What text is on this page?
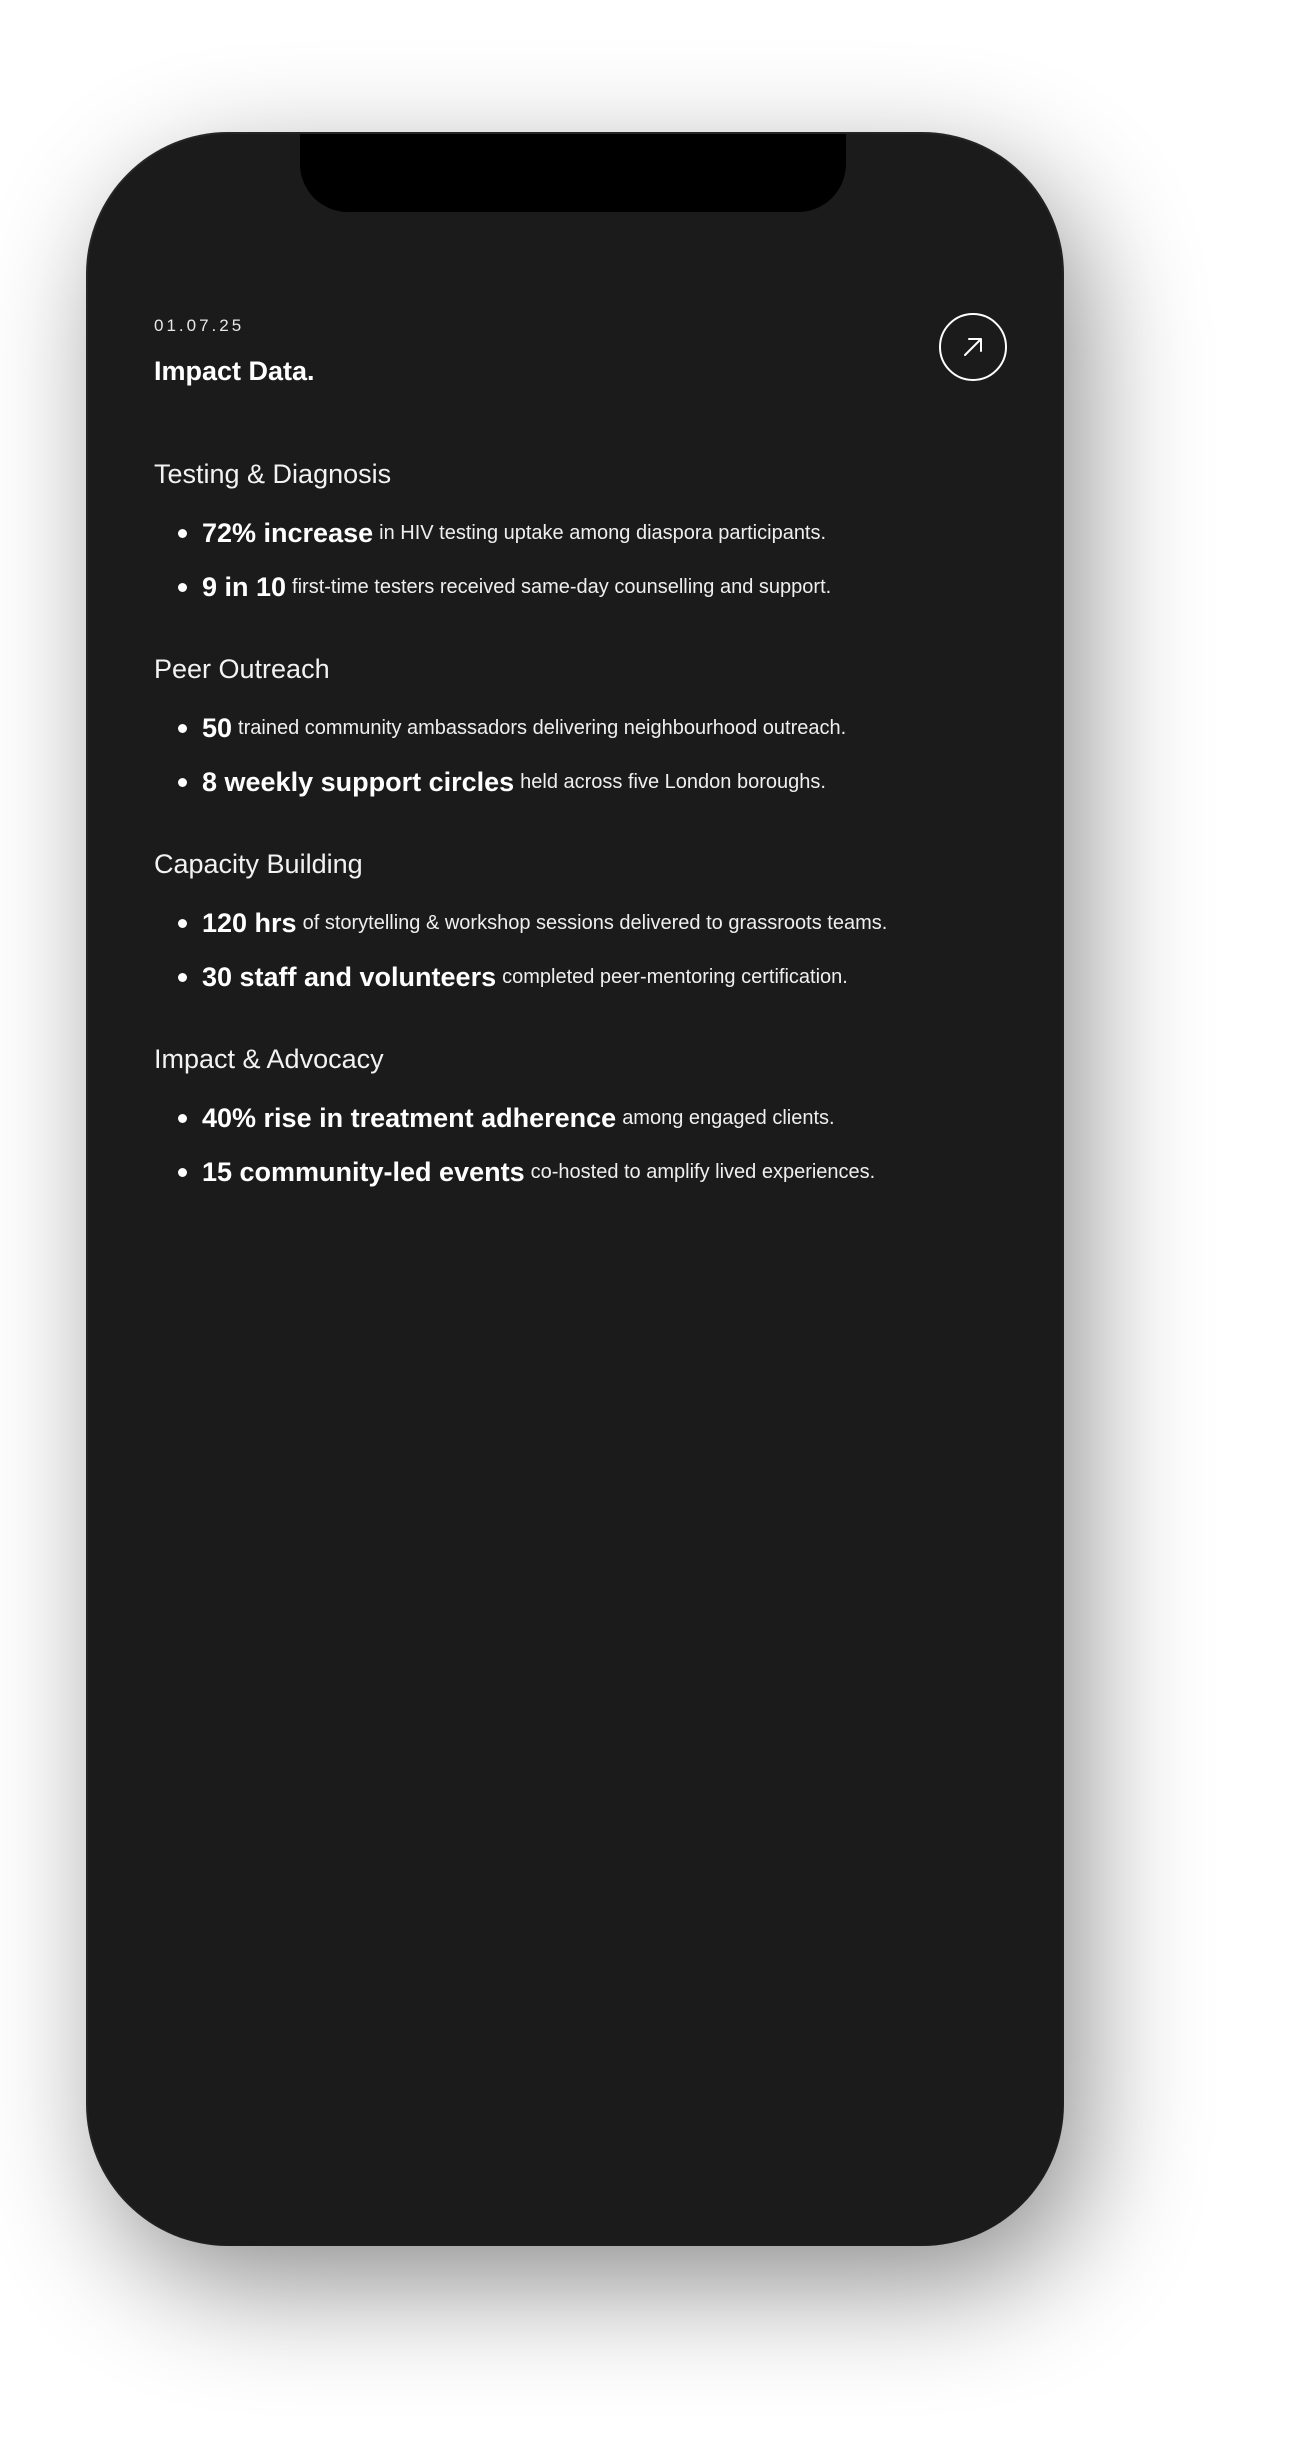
01.07.25

Impact Data.
Testing & Diagnosis
72% increase in HIV testing uptake among diaspora participants.
9 in 10 first-time testers received same-day counselling and support.
Peer Outreach
50 trained community ambassadors delivering neighbourhood outreach.
8 weekly support circles held across five London boroughs.
Capacity Building
120 hrs of storytelling & workshop sessions delivered to grassroots teams.
30 staff and volunteers completed peer-mentoring certification.
Impact & Advocacy
40% rise in treatment adherence among engaged clients.
15 community-led events co-hosted to amplify lived experiences.
